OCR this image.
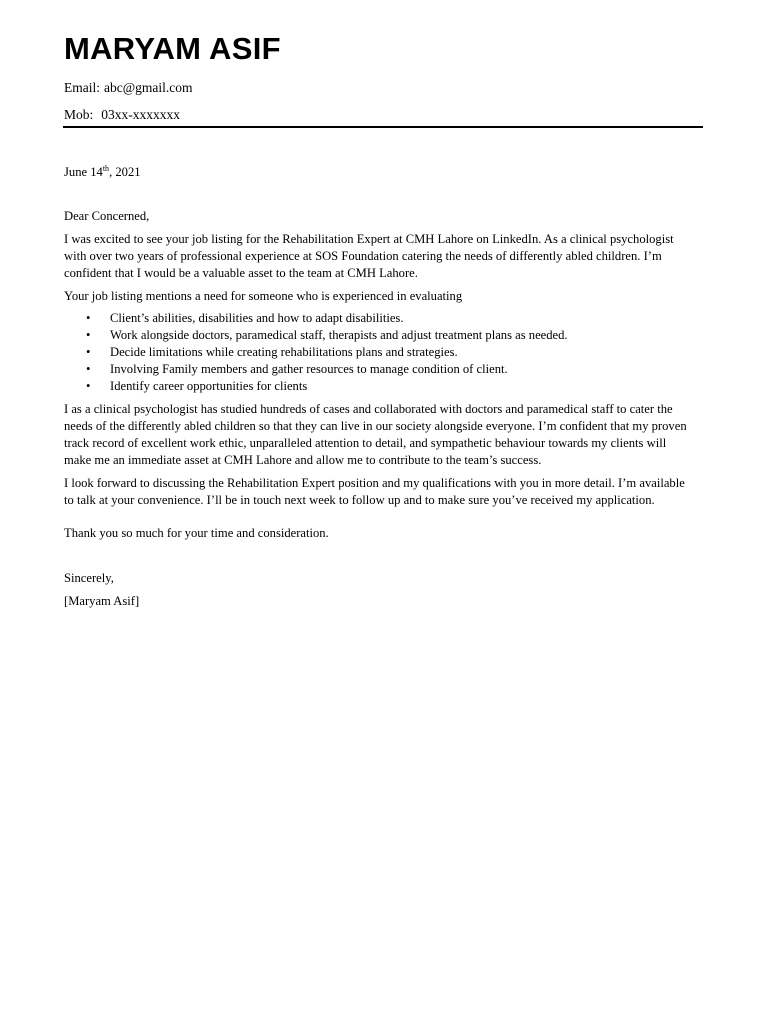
MARYAM ASIF
Email: abc@gmail.com
Mob: 03xx-xxxxxxx

June 14th, 2021

Dear Concerned,

I was excited to see your job listing for the Rehabilitation Expert at CMH Lahore on LinkedIn. As a clinical psychologist with over two years of professional experience at SOS Foundation catering the needs of differently abled children. I’m confident that I would be a valuable asset to the team at CMH Lahore.

Your job listing mentions a need for someone who is experienced in evaluating

• Client’s abilities, disabilities and how to adapt disabilities.
• Work alongside doctors, paramedical staff, therapists and adjust treatment plans as needed.
• Decide limitations while creating rehabilitations plans and strategies.
• Involving Family members and gather resources to manage condition of client.
• Identify career opportunities for clients

I as a clinical psychologist has studied hundreds of cases and collaborated with doctors and paramedical staff to cater the needs of the differently abled children so that they can live in our society alongside everyone. I’m confident that my proven track record of excellent work ethic, unparalleled attention to detail, and sympathetic behaviour towards my clients will make me an immediate asset at CMH Lahore and allow me to contribute to the team’s success.

I look forward to discussing the Rehabilitation Expert position and my qualifications with you in more detail. I’m available to talk at your convenience. I’ll be in touch next week to follow up and to make sure you’ve received my application.

Thank you so much for your time and consideration.

Sincerely,

[Maryam Asif]
